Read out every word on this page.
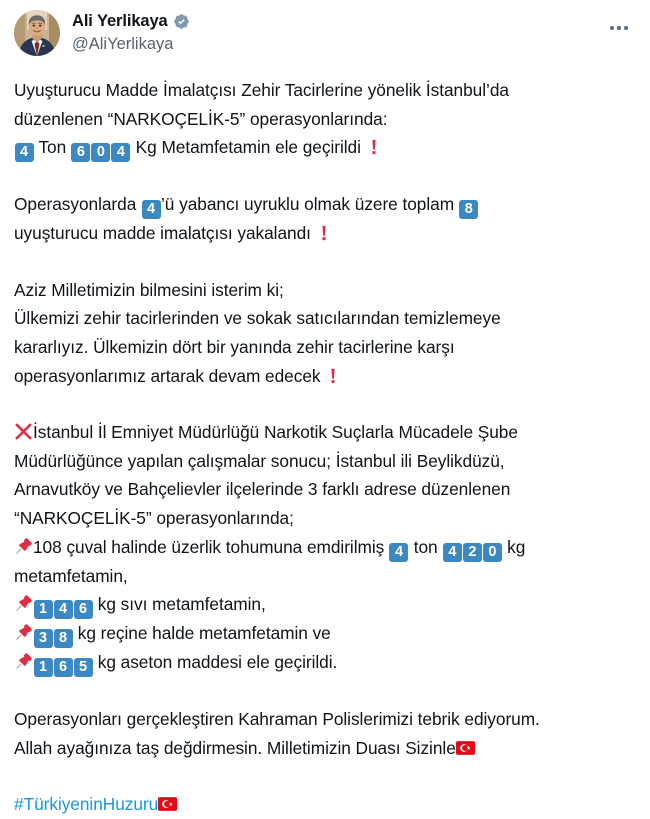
Ali Yerlikaya
@AliYerlikaya
Uyuşturucu Madde İmalatçısı Zehir Tacirlerine yönelik İstanbul’da
düzenlenen “NARKOÇELİK-5” operasyonlarında:
4 Ton 6 0 4 Kg Metamfetamin ele geçirildi
Operasyonlarda 4 ’ü yabancı uyruklu olmak üzere toplam 8
uyuşturucu madde imalatçısı yakalandı
Aziz Milletimizin bilmesini isterim ki;
Ülkemizi zehir tacirlerinden ve sokak satıcılarından temizlemeye
kararlıyız. Ülkemizin dört bir yanında zehir tacirlerine karşı
operasyonlarımız artarak devam edecek
İstanbul İl Emniyet Müdürlüğü Narkotik Suçlarla Mücadele Şube
Müdürlüğünce yapılan çalışmalar sonucu; İstanbul ili Beylikdüzü,
Arnavutköy ve Bahçelievler ilçelerinde 3 farklı adrese düzenlenen
“NARKOÇELİK-5” operasyonlarında;
108 çuval halinde üzerlik tohumuna emdirilmiş 4 ton 4 2 0 kg
metamfetamin,
1 4 6 kg sıvı metamfetamin,
3 8 kg reçine halde metamfetamin ve
1 6 5 kg aseton maddesi ele geçirildi.
Operasyonları gerçekleştiren Kahraman Polislerimizi tebrik ediyorum.
Allah ayağınıza taş değdirmesin. Milletimizin Duası Sizinle
#TürkiyeninHuzuru
